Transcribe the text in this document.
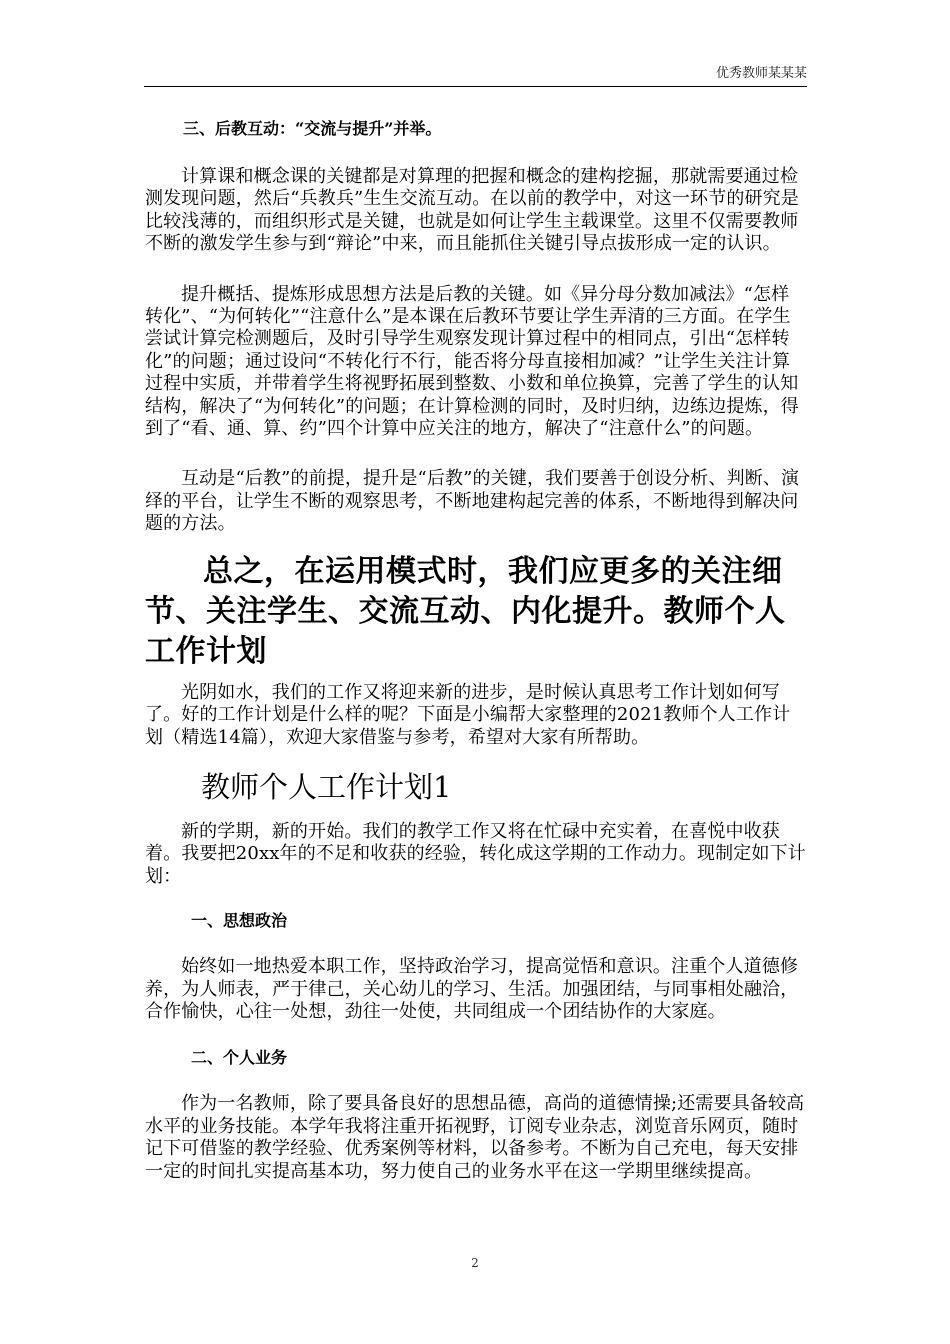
优秀教师某某某
三、后教互动：“交流与提升”并举。

计算课和概念课的关键都是对算理的把握和概念的建构挖掘，那就需要通过检测发现问题，然后“兵教兵”生生交流互动。在以前的教学中，对这一环节的研究是比较浅薄的，而组织形式是关键，也就是如何让学生主载课堂。这里不仅需要教师不断的激发学生参与到“辩论”中来，而且能抓住关键引导点拔形成一定的认识。

提升概括、提炼形成思想方法是后教的关键。如《异分母分数加减法》“怎样转化”、“为何转化”“注意什么”是本课在后教环节要让学生弄清的三方面。在学生尝试计算完检测题后，及时引导学生观察发现计算过程中的相同点，引出“怎样转化”的问题；通过设问“不转化行不行，能否将分母直接相加减？”让学生关注计算过程中实质，并带着学生将视野拓展到整数、小数和单位换算，完善了学生的认知结构，解决了“为何转化”的问题；在计算检测的同时，及时归纳，边练边提炼，得到了“看、通、算、约”四个计算中应关注的地方，解决了“注意什么”的问题。

互动是“后教”的前提，提升是“后教”的关键，我们要善于创设分析、判断、演绎的平台，让学生不断的观察思考，不断地建构起完善的体系，不断地得到解决问题的方法。

总之，在运用模式时，我们应更多的关注细节、关注学生、交流互动、内化提升。教师个人工作计划

光阴如水，我们的工作又将迎来新的进步，是时候认真思考工作计划如何写了。好的工作计划是什么样的呢？下面是小编帮大家整理的2021教师个人工作计划（精选14篇），欢迎大家借鉴与参考，希望对大家有所帮助。

教师个人工作计划1

新的学期，新的开始。我们的教学工作又将在忙碌中充实着，在喜悦中收获着。我要把20xx年的不足和收获的经验，转化成这学期的工作动力。现制定如下计划：

一、思想政治

始终如一地热爱本职工作，坚持政治学习，提高觉悟和意识。注重个人道德修养，为人师表，严于律己，关心幼儿的学习、生活。加强团结，与同事相处融洽，合作愉快，心往一处想，劲往一处使，共同组成一个团结协作的大家庭。

二、个人业务

作为一名教师，除了要具备良好的思想品德，高尚的道德情操;还需要具备较高水平的业务技能。本学年我将注重开拓视野，订阅专业杂志，浏览音乐网页，随时记下可借鉴的教学经验、优秀案例等材料，以备参考。不断为自己充电，每天安排一定的时间扎实提高基本功，努力使自己的业务水平在这一学期里继续提高。

2
